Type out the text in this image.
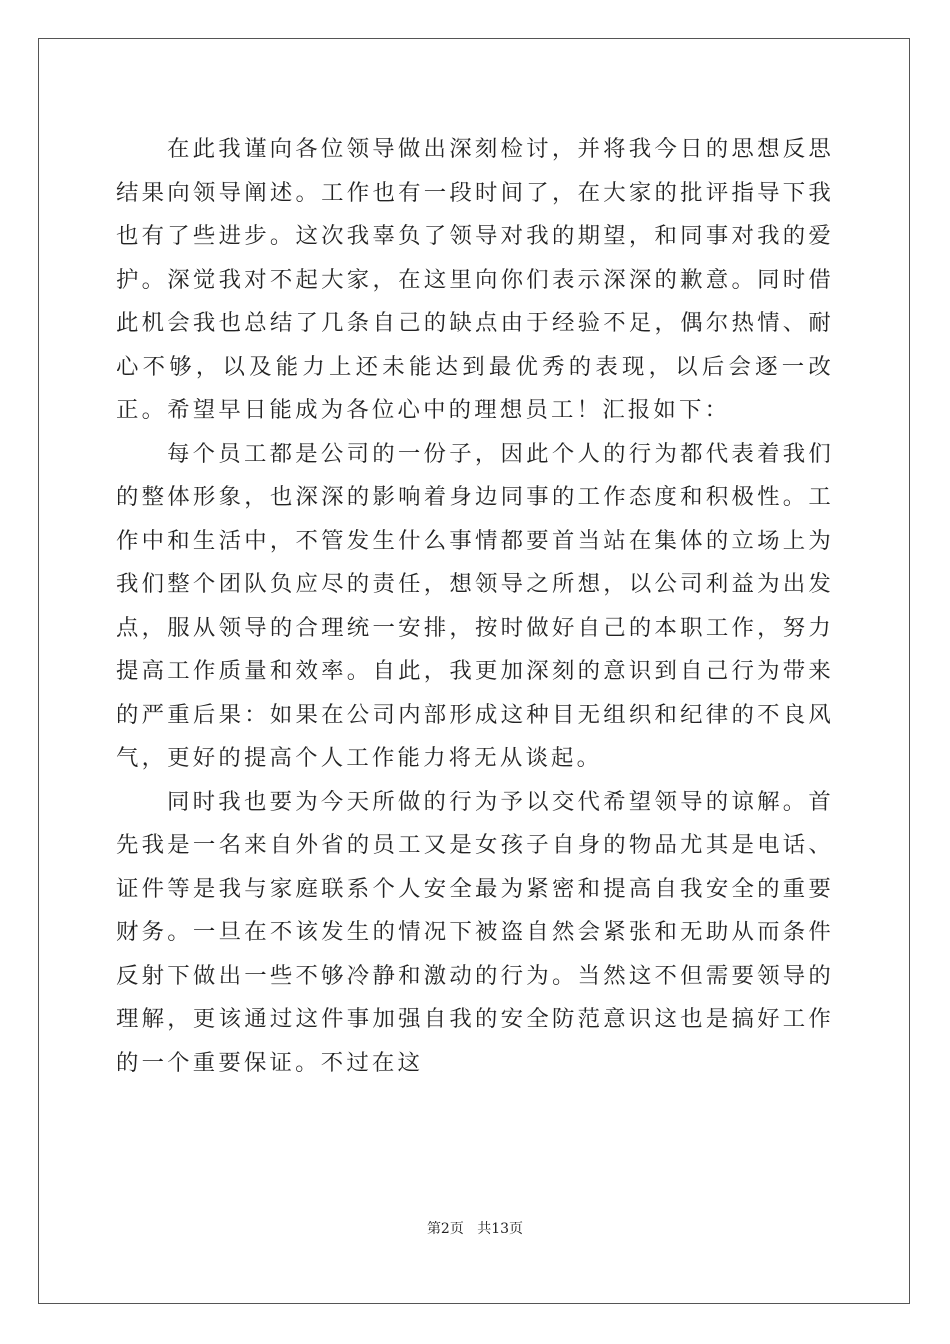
在此我谨向各位领导做出深刻检讨，并将我今日的思想反思结果向领导阐述。工作也有一段时间了，在大家的批评指导下我也有了些进步。这次我辜负了领导对我的期望，和同事对我的爱护。深觉我对不起大家，在这里向你们表示深深的歉意。同时借此机会我也总结了几条自己的缺点由于经验不足，偶尔热情、耐心不够，以及能力上还未能达到最优秀的表现，以后会逐一改正。希望早日能成为各位心中的理想员工！汇报如下：

每个员工都是公司的一份子，因此个人的行为都代表着我们的整体形象，也深深的影响着身边同事的工作态度和积极性。工作中和生活中，不管发生什么事情都要首当站在集体的立场上为我们整个团队负应尽的责任，想领导之所想，以公司利益为出发点，服从领导的合理统一安排，按时做好自己的本职工作，努力提高工作质量和效率。自此，我更加深刻的意识到自己行为带来的严重后果：如果在公司内部形成这种目无组织和纪律的不良风气，更好的提高个人工作能力将无从谈起。

同时我也要为今天所做的行为予以交代希望领导的谅解。首先我是一名来自外省的员工又是女孩子自身的物品尤其是电话、证件等是我与家庭联系个人安全最为紧密和提高自我安全的重要财务。一旦在不该发生的情况下被盗自然会紧张和无助从而条件反射下做出一些不够冷静和激动的行为。当然这不但需要领导的理解，更该通过这件事加强自我的安全防范意识这也是搞好工作的一个重要保证。不过在这

第2页 共13页
